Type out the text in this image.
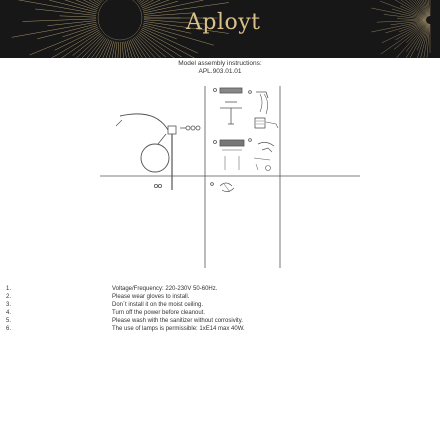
Aployt
Model assembly instructions:
APL.903.01.01
1.
2.
3.
4.
5.
6.
Voltage/Frequency: 220-230V 50-60Hz.
Please wear gloves to install.
Don`t install it on the moist ceiling.
Turn off the power before cleanout.
Please wash with the sanitizer without corrosivity.
The use of lamps is permissible: 1xE14 max 40W.
